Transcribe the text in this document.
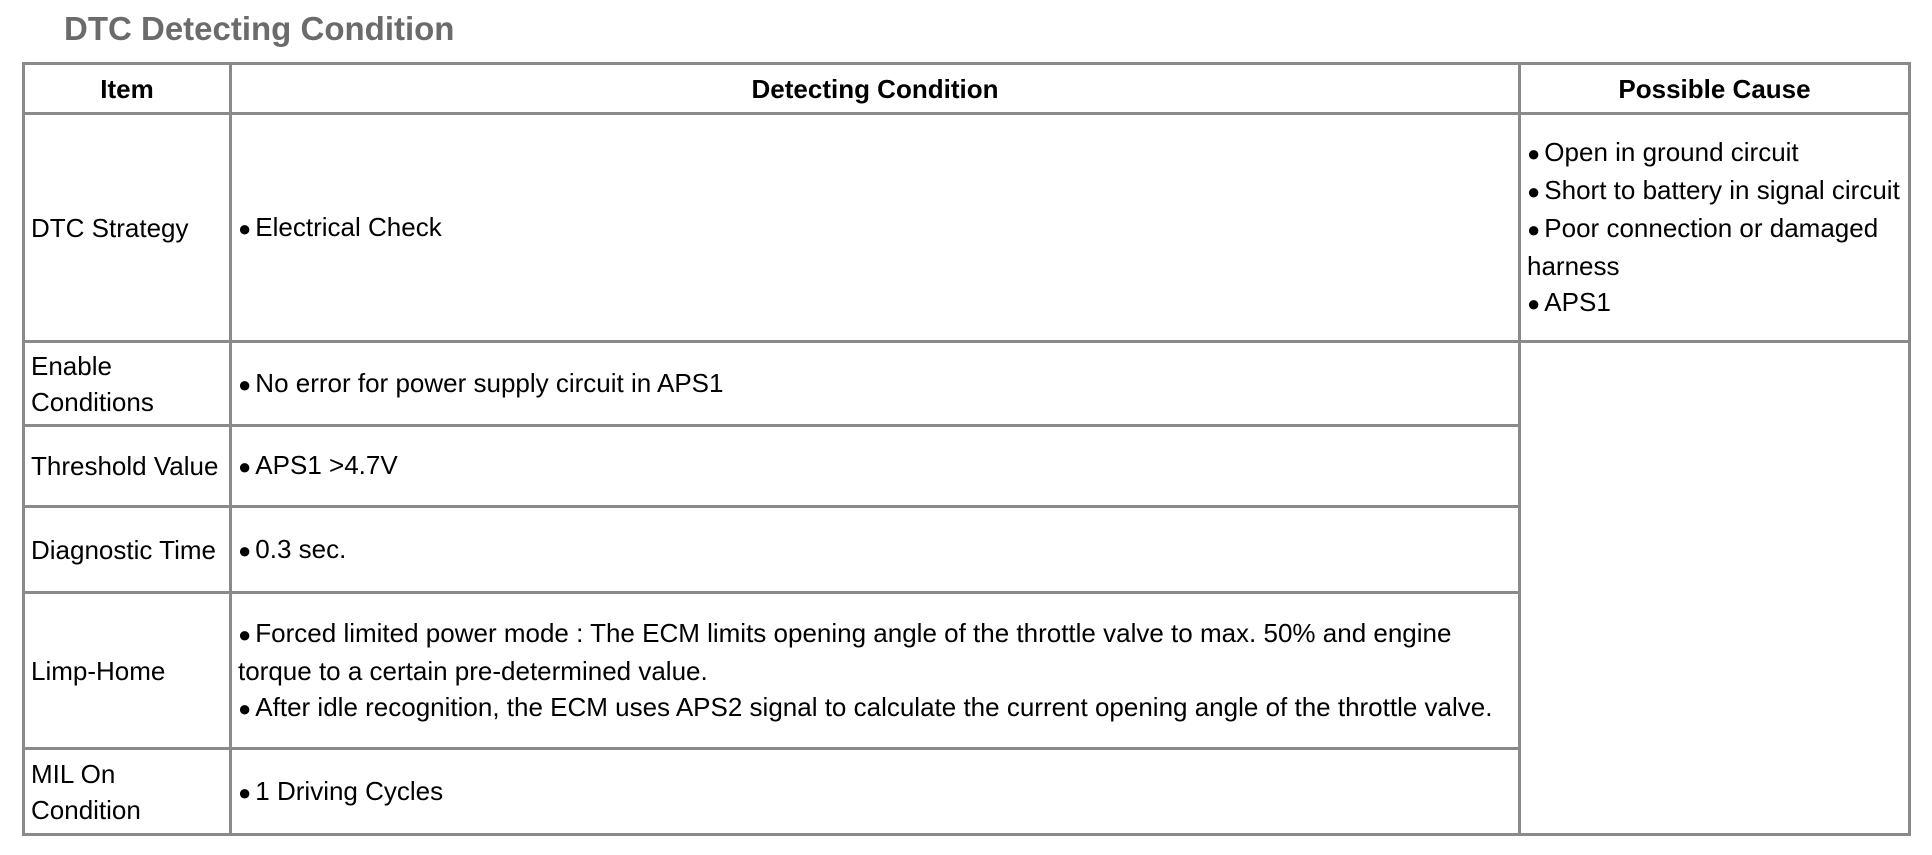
DTC Detecting Condition
Item	Detecting Condition	Possible Cause
DTC Strategy	● Electrical Check	● Open in ground circuit
● Short to battery in signal circuit
● Poor connection or damaged harness
● APS1

Enable Conditions	● No error for power supply circuit in APS1	

Threshold Value	● APS1 >4.7V	

Diagnostic Time	● 0.3 sec.	

Limp-Home	● Forced limited power mode : The ECM limits opening angle of the throttle valve to max. 50% and engine torque to a certain pre-determined value.
● After idle recognition, the ECM uses APS2 signal to calculate the current opening angle of the throttle valve.	

MIL On Condition	● 1 Driving Cycles	
